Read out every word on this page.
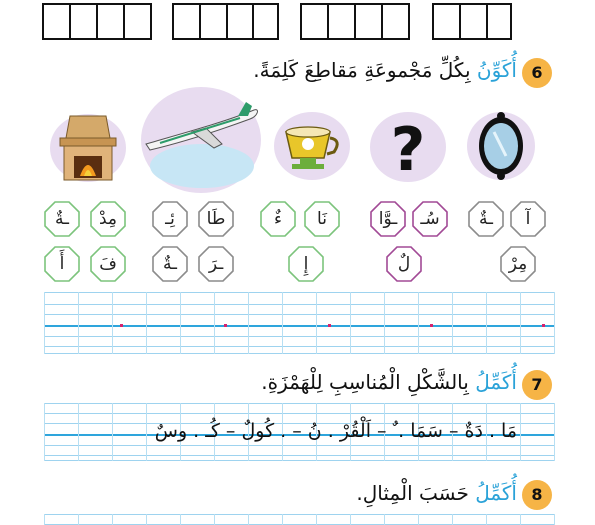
6
أُكَوِّنُ بِكُلِّ مَجْموعَةِ مَقاطِعَ كَلِمَةً.
?
ـةٌ آ
مِرْ
ـوَّا سُـ
لٌ
ءٌ نَا
إِ
ئِـ طَا
ـةٌ ـرَ
ـةٌ مِدْ
أَ فَ
7
أُكَمِّلُ بِالشَّكْلِ الْمُناسِبِ لِلْهَمْزَةِ.
مَا . دَةٌ – سَمَا . ٌ – اَلْقُرْ . نُ – . كُولٌ – كُـ . وسٌ
8
أُكَمِّلُ حَسَبَ الْمِثالِ.
